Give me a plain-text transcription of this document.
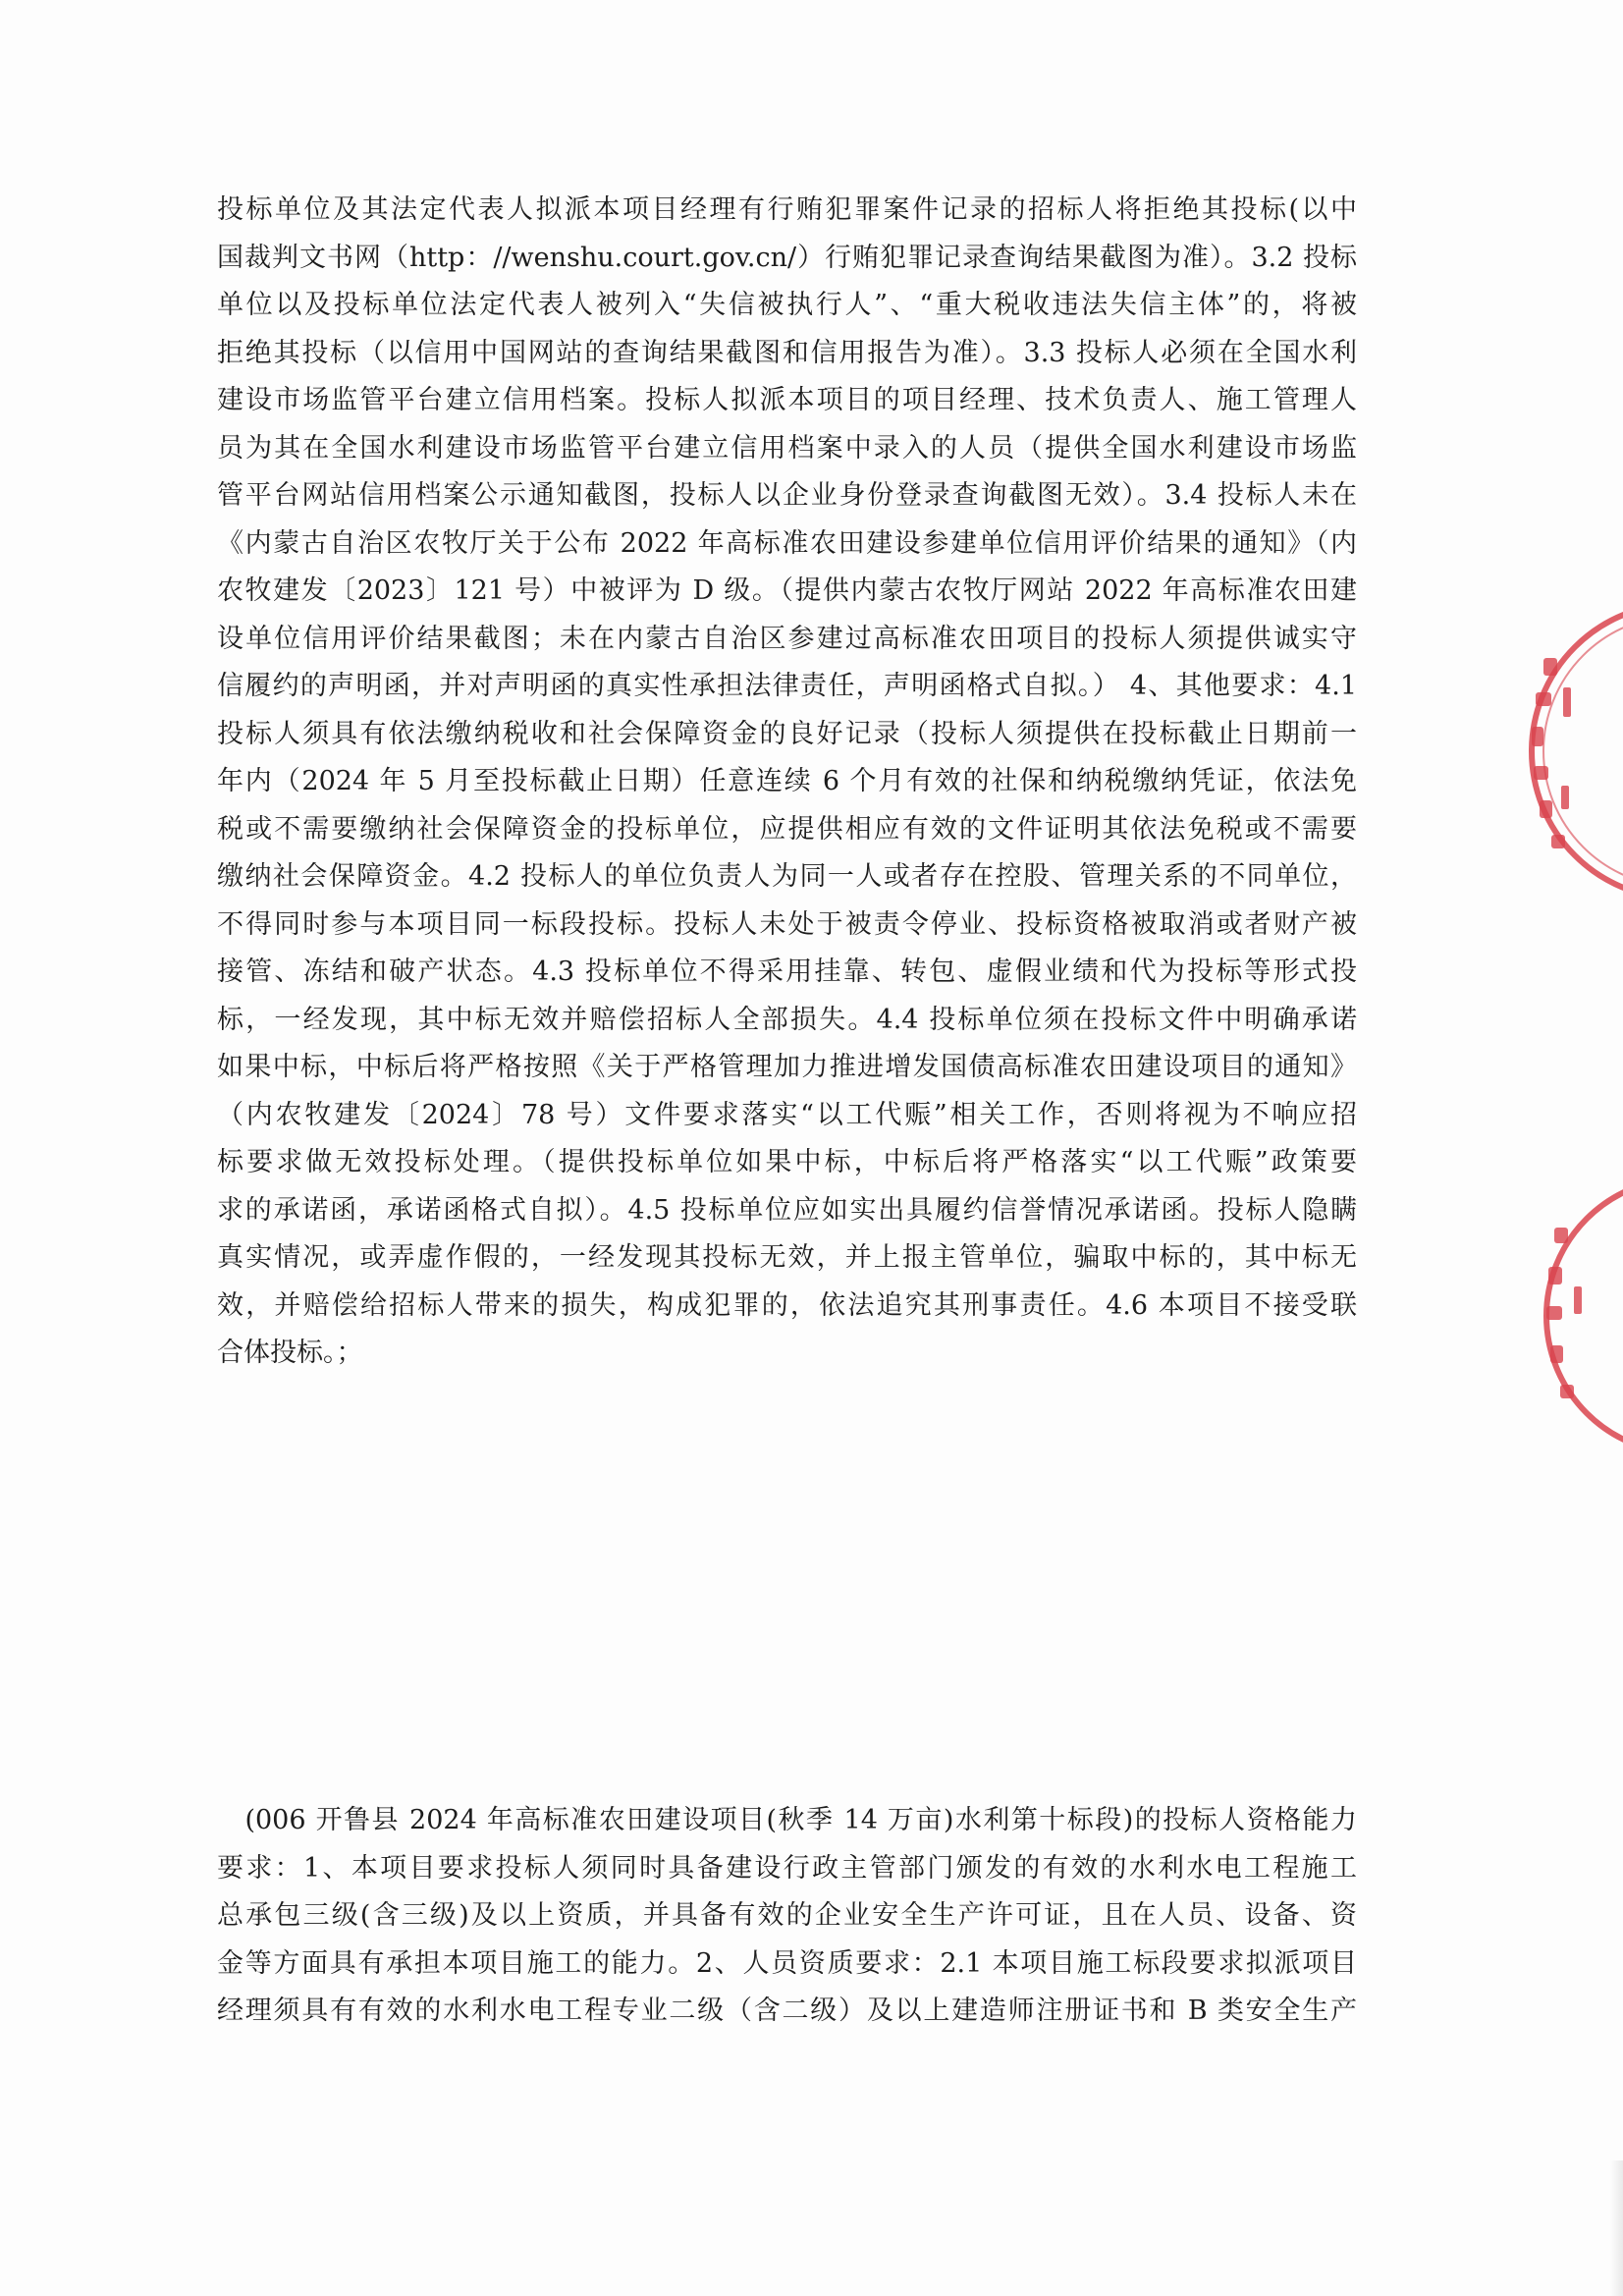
投标单位及其法定代表人拟派本项目经理有行贿犯罪案件记录的招标人将拒绝其投标(以中
国裁判文书网（http：//wenshu.court.gov.cn/）行贿犯罪记录查询结果截图为准）。3.2 投标
单位以及投标单位法定代表人被列入“失信被执行人”、“重大税收违法失信主体”的，将被
拒绝其投标（以信用中国网站的查询结果截图和信用报告为准）。3.3 投标人必须在全国水利
建设市场监管平台建立信用档案。投标人拟派本项目的项目经理、技术负责人、施工管理人
员为其在全国水利建设市场监管平台建立信用档案中录入的人员（提供全国水利建设市场监
管平台网站信用档案公示通知截图，投标人以企业身份登录查询截图无效）。3.4 投标人未在
《内蒙古自治区农牧厅关于公布 2022 年高标准农田建设参建单位信用评价结果的通知》（内
农牧建发〔2023〕121 号）中被评为 D 级。（提供内蒙古农牧厅网站 2022 年高标准农田建
设单位信用评价结果截图；未在内蒙古自治区参建过高标准农田项目的投标人须提供诚实守
信履约的声明函，并对声明函的真实性承担法律责任，声明函格式自拟。） 4、其他要求：4.1
投标人须具有依法缴纳税收和社会保障资金的良好记录（投标人须提供在投标截止日期前一
年内（2024 年 5 月至投标截止日期）任意连续 6 个月有效的社保和纳税缴纳凭证，依法免
税或不需要缴纳社会保障资金的投标单位，应提供相应有效的文件证明其依法免税或不需要
缴纳社会保障资金。4.2 投标人的单位负责人为同一人或者存在控股、管理关系的不同单位，
不得同时参与本项目同一标段投标。投标人未处于被责令停业、投标资格被取消或者财产被
接管、冻结和破产状态。4.3 投标单位不得采用挂靠、转包、虚假业绩和代为投标等形式投
标，一经发现，其中标无效并赔偿招标人全部损失。4.4 投标单位须在投标文件中明确承诺
如果中标，中标后将严格按照《关于严格管理加力推进增发国债高标准农田建设项目的通知》
（内农牧建发〔2024〕78 号）文件要求落实“以工代赈”相关工作，否则将视为不响应招
标要求做无效投标处理。（提供投标单位如果中标，中标后将严格落实“以工代赈”政策要
求的承诺函，承诺函格式自拟）。4.5 投标单位应如实出具履约信誉情况承诺函。投标人隐瞒
真实情况，或弄虚作假的，一经发现其投标无效，并上报主管单位，骗取中标的，其中标无
效，并赔偿给招标人带来的损失，构成犯罪的，依法追究其刑事责任。4.6 本项目不接受联
合体投标。；
　(006 开鲁县 2024 年高标准农田建设项目(秋季 14 万亩)水利第十标段)的投标人资格能力
要求：1、本项目要求投标人须同时具备建设行政主管部门颁发的有效的水利水电工程施工
总承包三级(含三级)及以上资质，并具备有效的企业安全生产许可证，且在人员、设备、资
金等方面具有承担本项目施工的能力。2、人员资质要求：2.1 本项目施工标段要求拟派项目
经理须具有有效的水利水电工程专业二级（含二级）及以上建造师注册证书和 B 类安全生产
